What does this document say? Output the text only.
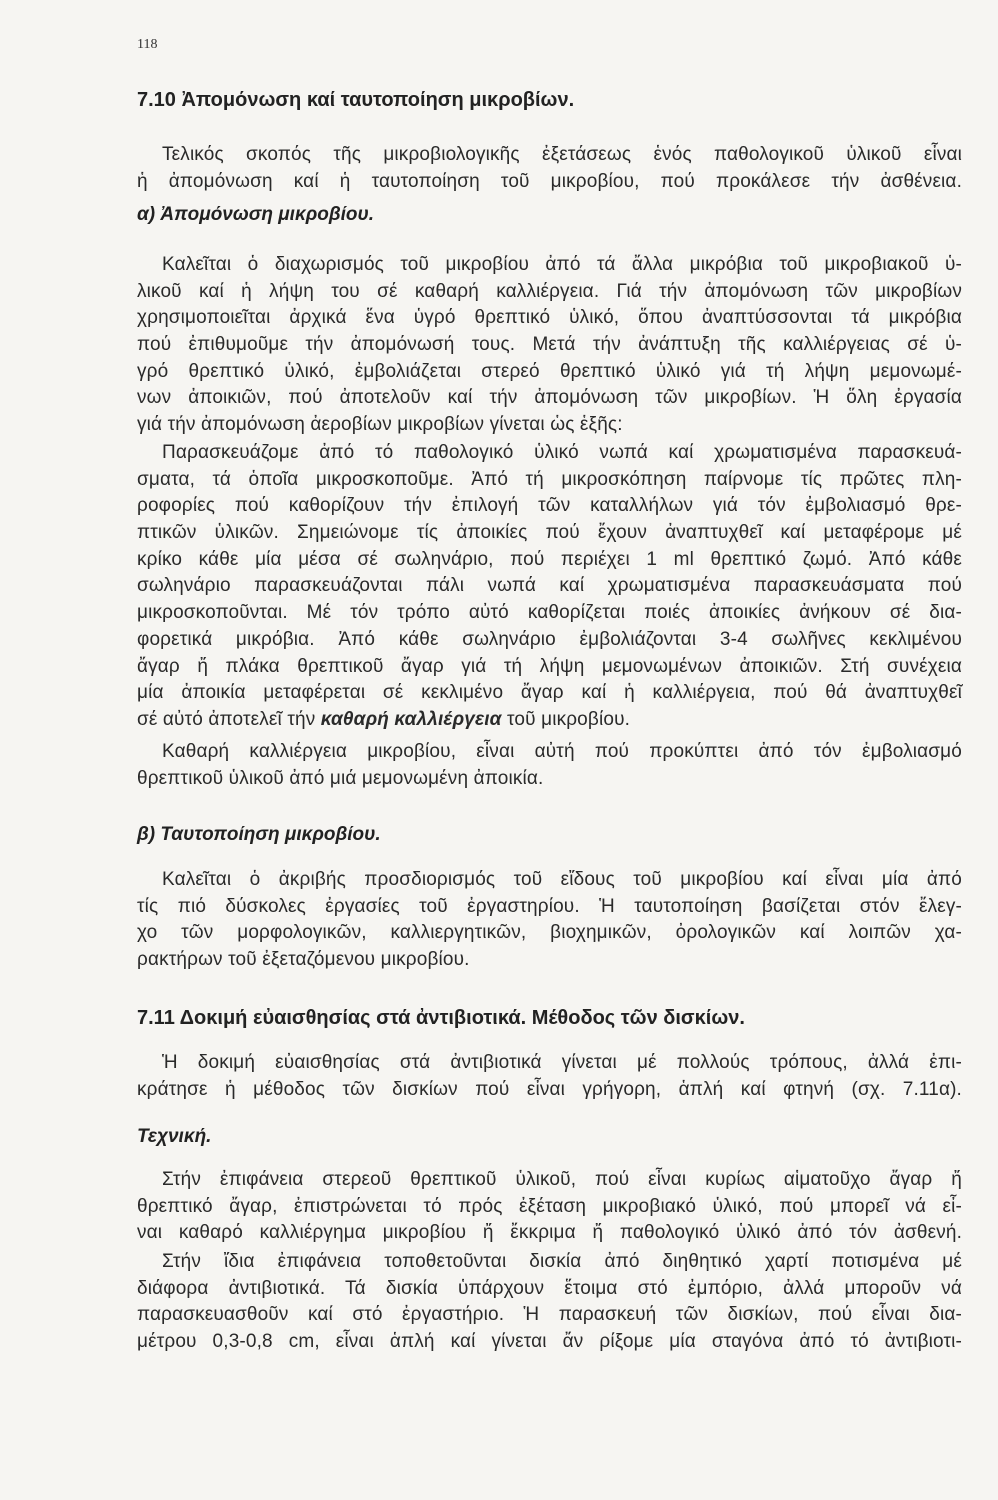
118
7.10 Ἀπομόνωση καί ταυτοποίηση μικροβίων.
Τελικός σκοπός τῆς μικροβιολογικῆς ἐξετάσεως ἑνός παθολογικοῦ ὑλικοῦ εἶναι
ἡ ἀπομόνωση καί ἡ ταυτοποίηση τοῦ μικροβίου, πού προκάλεσε τήν ἀσθένεια.
α) Ἀπομόνωση μικροβίου.
Καλεῖται ὁ διαχωρισμός τοῦ μικροβίου ἀπό τά ἄλλα μικρόβια τοῦ μικροβιακοῦ ὑ-
λικοῦ καί ἡ λήψη του σέ καθαρή καλλιέργεια. Γιά τήν ἀπομόνωση τῶν μικροβίων
χρησιμοποιεῖται ἀρχικά ἕνα ὑγρό θρεπτικό ὑλικό, ὅπου ἀναπτύσσονται τά μικρόβια
πού ἐπιθυμοῦμε τήν ἀπομόνωσή τους. Μετά τήν ἀνάπτυξη τῆς καλλιέργειας σέ ὑ-
γρό θρεπτικό ὑλικό, ἐμβολιάζεται στερεό θρεπτικό ὑλικό γιά τή λήψη μεμονωμέ-
νων ἀποικιῶν, πού ἀποτελοῦν καί τήν ἀπομόνωση τῶν μικροβίων. Ἡ ὅλη ἐργασία
γιά τήν ἀπομόνωση ἀεροβίων μικροβίων γίνεται ὡς ἑξῆς:
Παρασκευάζομε ἀπό τό παθολογικό ὑλικό νωπά καί χρωματισμένα παρασκευά-
σματα, τά ὁποῖα μικροσκοποῦμε. Ἀπό τή μικροσκόπηση παίρνομε τίς πρῶτες πλη-
ροφορίες πού καθορίζουν τήν ἐπιλογή τῶν καταλλήλων γιά τόν ἐμβολιασμό θρε-
πτικῶν ὑλικῶν. Σημειώνομε τίς ἀποικίες πού ἔχουν ἀναπτυχθεῖ καί μεταφέρομε μέ
κρίκο κάθε μία μέσα σέ σωληνάριο, πού περιέχει 1 ml θρεπτικό ζωμό. Ἀπό κάθε
σωληνάριο παρασκευάζονται πάλι νωπά καί χρωματισμένα παρασκευάσματα πού
μικροσκοποῦνται. Μέ τόν τρόπο αὐτό καθορίζεται ποιές ἀποικίες ἀνήκουν σέ δια-
φορετικά μικρόβια. Ἀπό κάθε σωληνάριο ἐμβολιάζονται 3-4 σωλῆνες κεκλιμένου
ἄγαρ ἤ πλάκα θρεπτικοῦ ἄγαρ γιά τή λήψη μεμονωμένων ἀποικιῶν. Στή συνέχεια
μία ἀποικία μεταφέρεται σέ κεκλιμένο ἄγαρ καί ἡ καλλιέργεια, πού θά ἀναπτυχθεῖ
σέ αὐτό ἀποτελεῖ τήν καθαρή καλλιέργεια τοῦ μικροβίου.
Καθαρή καλλιέργεια μικροβίου, εἶναι αὐτή πού προκύπτει ἀπό τόν ἐμβολιασμό
θρεπτικοῦ ὑλικοῦ ἀπό μιά μεμονωμένη ἀποικία.
β) Ταυτοποίηση μικροβίου.
Καλεῖται ὁ ἀκριβής προσδιορισμός τοῦ εἴδους τοῦ μικροβίου καί εἶναι μία ἀπό
τίς πιό δύσκολες ἐργασίες τοῦ ἐργαστηρίου. Ἡ ταυτοποίηση βασίζεται στόν ἔλεγ-
χο τῶν μορφολογικῶν, καλλιεργητικῶν, βιοχημικῶν, ὀρολογικῶν καί λοιπῶν χα-
ρακτήρων τοῦ ἐξεταζόμενου μικροβίου.
7.11 Δοκιμή εὐαισθησίας στά ἀντιβιοτικά. Μέθοδος τῶν δισκίων.
Ἡ δοκιμή εὐαισθησίας στά ἀντιβιοτικά γίνεται μέ πολλούς τρόπους, ἀλλά ἐπι-
κράτησε ἡ μέθοδος τῶν δισκίων πού εἶναι γρήγορη, ἁπλή καί φτηνή (σχ. 7.11α).
Τεχνική.
Στήν ἐπιφάνεια στερεοῦ θρεπτικοῦ ὑλικοῦ, πού εἶναι κυρίως αἱματοῦχο ἄγαρ ἤ
θρεπτικό ἄγαρ, ἐπιστρώνεται τό πρός ἐξέταση μικροβιακό ὑλικό, πού μπορεῖ νά εἶ-
ναι καθαρό καλλιέργημα μικροβίου ἤ ἔκκριμα ἤ παθολογικό ὑλικό ἀπό τόν ἀσθενή.
Στήν ἴδια ἐπιφάνεια τοποθετοῦνται δισκία ἀπό διηθητικό χαρτί ποτισμένα μέ
διάφορα ἀντιβιοτικά. Τά δισκία ὑπάρχουν ἕτοιμα στό ἐμπόριο, ἀλλά μποροῦν νά
παρασκευασθοῦν καί στό ἐργαστήριο. Ἡ παρασκευή τῶν δισκίων, πού εἶναι δια-
μέτρου 0,3-0,8 cm, εἶναι ἁπλή καί γίνεται ἄν ρίξομε μία σταγόνα ἀπό τό ἀντιβιοτι-
